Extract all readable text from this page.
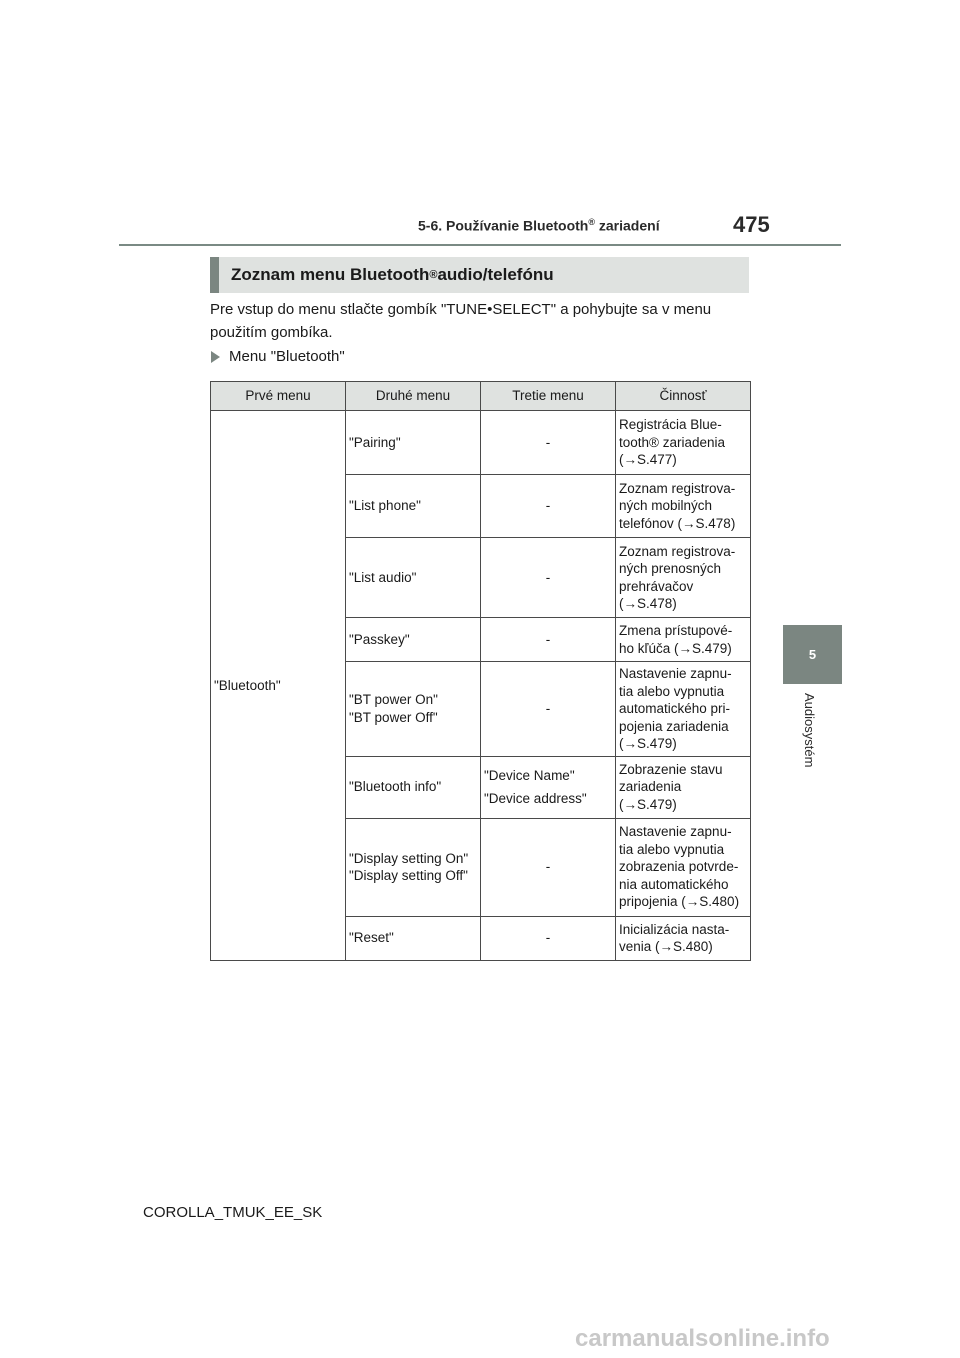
5-6. Používanie Bluetooth® zariadení	475
5
Audiosystém
Zoznam menu Bluetooth ® audio/telefónu
Pre vstup do menu stlačte gombík "TUNE•SELECT" a pohybujte sa v menu použitím gombíka.
Menu "Bluetooth"
Prvé menu	Druhé menu	Tretie menu	Činnosť
"Bluetooth"	"Pairing"	-	Registrácia Blue-
tooth® zariadenia
(→S.477)

	"List phone"	-	Zoznam registrova-
ných mobilných
telefónov (→S.478)

	"List audio"	-	Zoznam registrova-
ných prenosných
prehrávačov
(→S.478)

	"Passkey"	-	Zmena prístupové-
ho kľúča (→S.479)

	"BT power On"
"BT power Off"	-	Nastavenie zapnu-
tia alebo vypnutia
automatického pri-
pojenia zariadenia
(→S.479)

	"Bluetooth info"	"Device Name"
"Device address"	Zobrazenie stavu
zariadenia
(→S.479)

	"Display setting On"
"Display setting Off"	-	Nastavenie zapnu-
tia alebo vypnutia
zobrazenia potvrde-
nia automatického
pripojenia (→S.480)

	"Reset"	-	Inicializácia nasta-
venia (→S.480)
COROLLA_TMUK_EE_SK
carmanualsonline.info
